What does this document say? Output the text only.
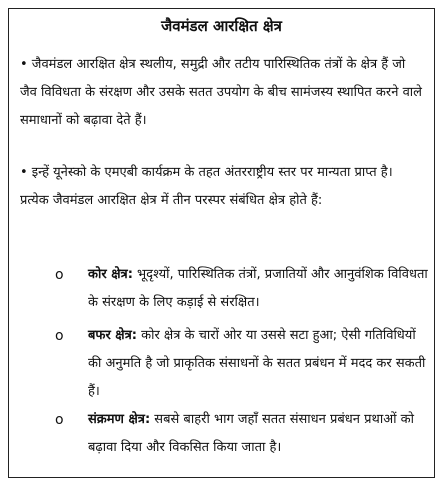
जैवमंडल आरक्षित क्षेत्र
• जैवमंडल आरक्षित क्षेत्र स्थलीय, समुद्री और तटीय पारिस्थितिक तंत्रों के क्षेत्र हैं जो जैव विविधता के संरक्षण और उसके सतत उपयोग के बीच सामंजस्य स्थापित करने वाले समाधानों को बढ़ावा देते हैं।
• इन्हें यूनेस्को के एमएबी कार्यक्रम के तहत अंतरराष्ट्रीय स्तर पर मान्यता प्राप्त है। प्रत्येक जैवमंडल आरक्षित क्षेत्र में तीन परस्पर संबंधित क्षेत्र होते हैं:
o कोर क्षेत्र: भूदृश्यों, पारिस्थितिक तंत्रों, प्रजातियों और आनुवंशिक विविधता के संरक्षण के लिए कड़ाई से संरक्षित।
o बफर क्षेत्र: कोर क्षेत्र के चारों ओर या उससे सटा हुआ; ऐसी गतिविधियों की अनुमति है जो प्राकृतिक संसाधनों के सतत प्रबंधन में मदद कर सकती हैं।
o संक्रमण क्षेत्र: सबसे बाहरी भाग जहाँ सतत संसाधन प्रबंधन प्रथाओं को बढ़ावा दिया और विकसित किया जाता है।
